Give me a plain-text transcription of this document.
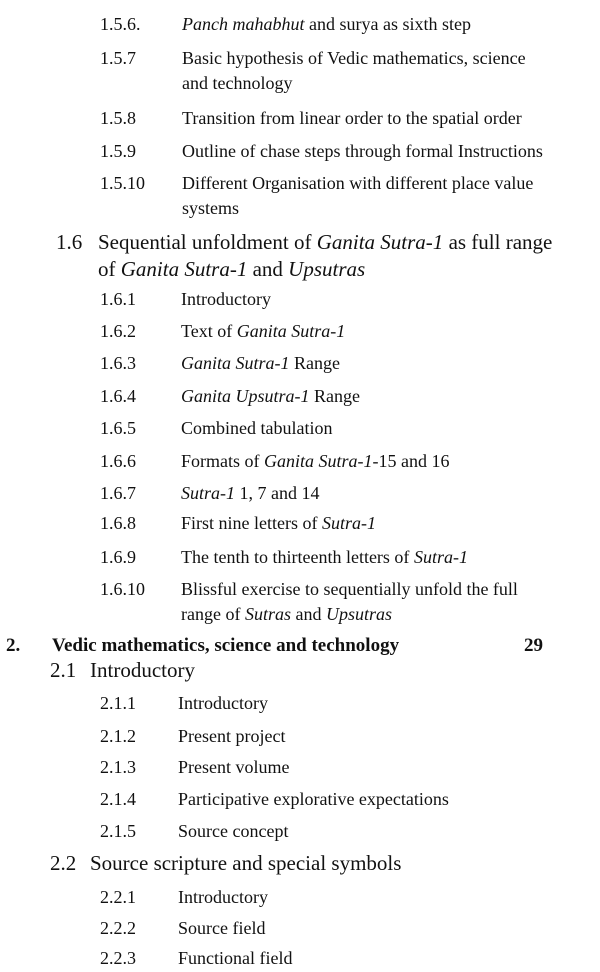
1.5.6. Panch mahabhut and surya as sixth step
1.5.7	Basic hypothesis of Vedic mathematics, science
and technology
1.5.8	Transition from linear order to the spatial order
1.5.9	Outline of chase steps through formal Instructions
1.5.10 Different Organisation with different place value
systems
1.6 Sequential unfoldment of Ganita Sutra-1 as full range
of Ganita Sutra-1 and Upsutras
1.6.1	Introductory
1.6.2	Text of Ganita Sutra-1
1.6.3	Ganita Sutra-1 Range
1.6.4	Ganita Upsutra-1 Range
1.6.5	Combined tabulation
1.6.6	Formats of Ganita Sutra-1-15 and 16
1.6.7	Sutra-1 1, 7 and 14
1.6.8	First nine letters of Sutra-1
1.6.9	The tenth to thirteenth letters of Sutra-1
1.6.10 Blissful exercise to sequentially unfold the full
range of Sutras and Upsutras
2. Vedic mathematics, science and technology	29
2.1 Introductory
2.1.1 Introductory
2.1.2 Present project
2.1.3 Present volume
2.1.4 Participative explorative expectations
2.1.5 Source concept
2.2 Source scripture and special symbols
2.2.1 Introductory
2.2.2 Source field
2.2.3 Functional field
